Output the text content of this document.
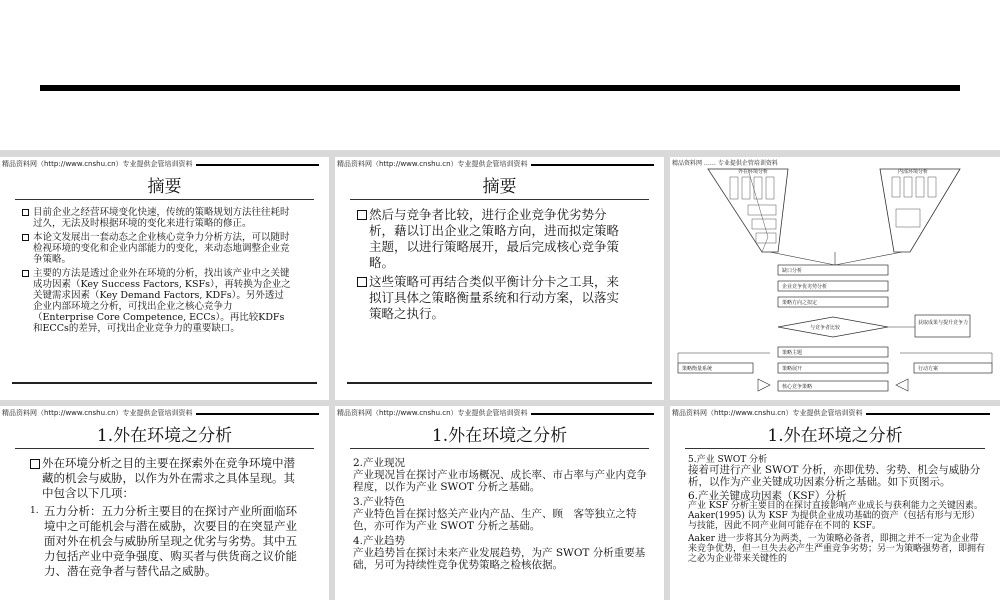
精品资料网（http://www.cnshu.cn）专业提供企管培训资料
摘要
目前企业之经营环境变化快速，传统的策略规划方法往往耗时过久，无法及时根据环境的变化来进行策略的修正。
本论文发展出一套动态之企业核心竞争力分析方法，可以随时检视环境的变化和企业内部能力的变化，来动态地调整企业竞争策略。
主要的方法是透过企业外在环境的分析，找出该产业中之关键成功因素（Key Success Factors, KSFs），再转换为企业之关键需求因素（Key Demand Factors, KDFs）。另外透过企业内部环境之分析，可找出企业之核心竞争力（Enterprise Core Competence, ECCs）。再比较KDFs和ECCs的差异，可找出企业竞争力的重要缺口。
精品资料网（http://www.cnshu.cn）专业提供企管培训资料
摘要
然后与竞争者比较，进行企业竞争优劣势分析，藉以订出企业之策略方向，进而拟定策略主题，以进行策略展开，最后完成核心竞争策略。
这些策略可再结合类似平衡计分卡之工具，来拟订具体之策略衡量系统和行动方案，以落实策略之执行。
精品资料网 …… 专业提供企管培训资料
外在环境分析	内部环境分析
缺口分析
企业竞争优劣势分析
策略方向之拟定
与竞争者比较
策略主题
策略展开
核心竞争策略
获取成果与提升竞争力
策略衡量系统	行动方案
精品资料网（http://www.cnshu.cn）专业提供企管培训资料
1.外在环境之分析
外在环境分析之目的主要在探索外在竞争环境中潜藏的机会与威胁，以作为外在需求之具体呈现。其中包含以下几项：
1. 五力分析：五力分析主要目的在探讨产业所面临环境中之可能机会与潜在威胁，次要目的在突显产业面对外在机会与威胁所呈现之优劣与劣势。其中五力包括产业中竞争强度、购买者与供货商之议价能力、潜在竞争者与替代品之威胁。
精品资料网（http://www.cnshu.cn）专业提供企管培训资料
1.外在环境之分析
2.产业现况
产业现况旨在探讨产业市场概况、成长率、市占率与产业内竞争程度，以作为产业 SWOT 分析之基础。
3.产业特色
产业特色旨在探讨悠关产业内产品、生产、顾　客等独立之特色，亦可作为产业 SWOT 分析之基础。
4.产业趋势
产业趋势旨在探讨未来产业发展趋势，为产 SWOT 分析重要基础，另可为持续性竞争优势策略之检核依据。
精品资料网（http://www.cnshu.cn）专业提供企管培训资料
1.外在环境之分析
5.产业 SWOT 分析
接着可进行产业 SWOT 分析，亦即优势、劣势、机会与威胁分析，以作为产业关键成功因素分析之基础。如下页图示。
6.产业关键成功因素（KSF）分析
产业 KSF 分析主要目的在探讨直接影响产业成长与获利能力之关键因素。Aaker(1995) 认为 KSF 为提供企业成功基础的资产（包括有形与无形）与技能，因此不同产业间可能存在不同的 KSF。
Aaker 进一步将其分为两类，一为策略必备者，即拥之并不一定为企业带来竞争优势，但一旦失去必产生严重竞争劣势；另一为策略强势者，即拥有之必为企业带来关键性的
